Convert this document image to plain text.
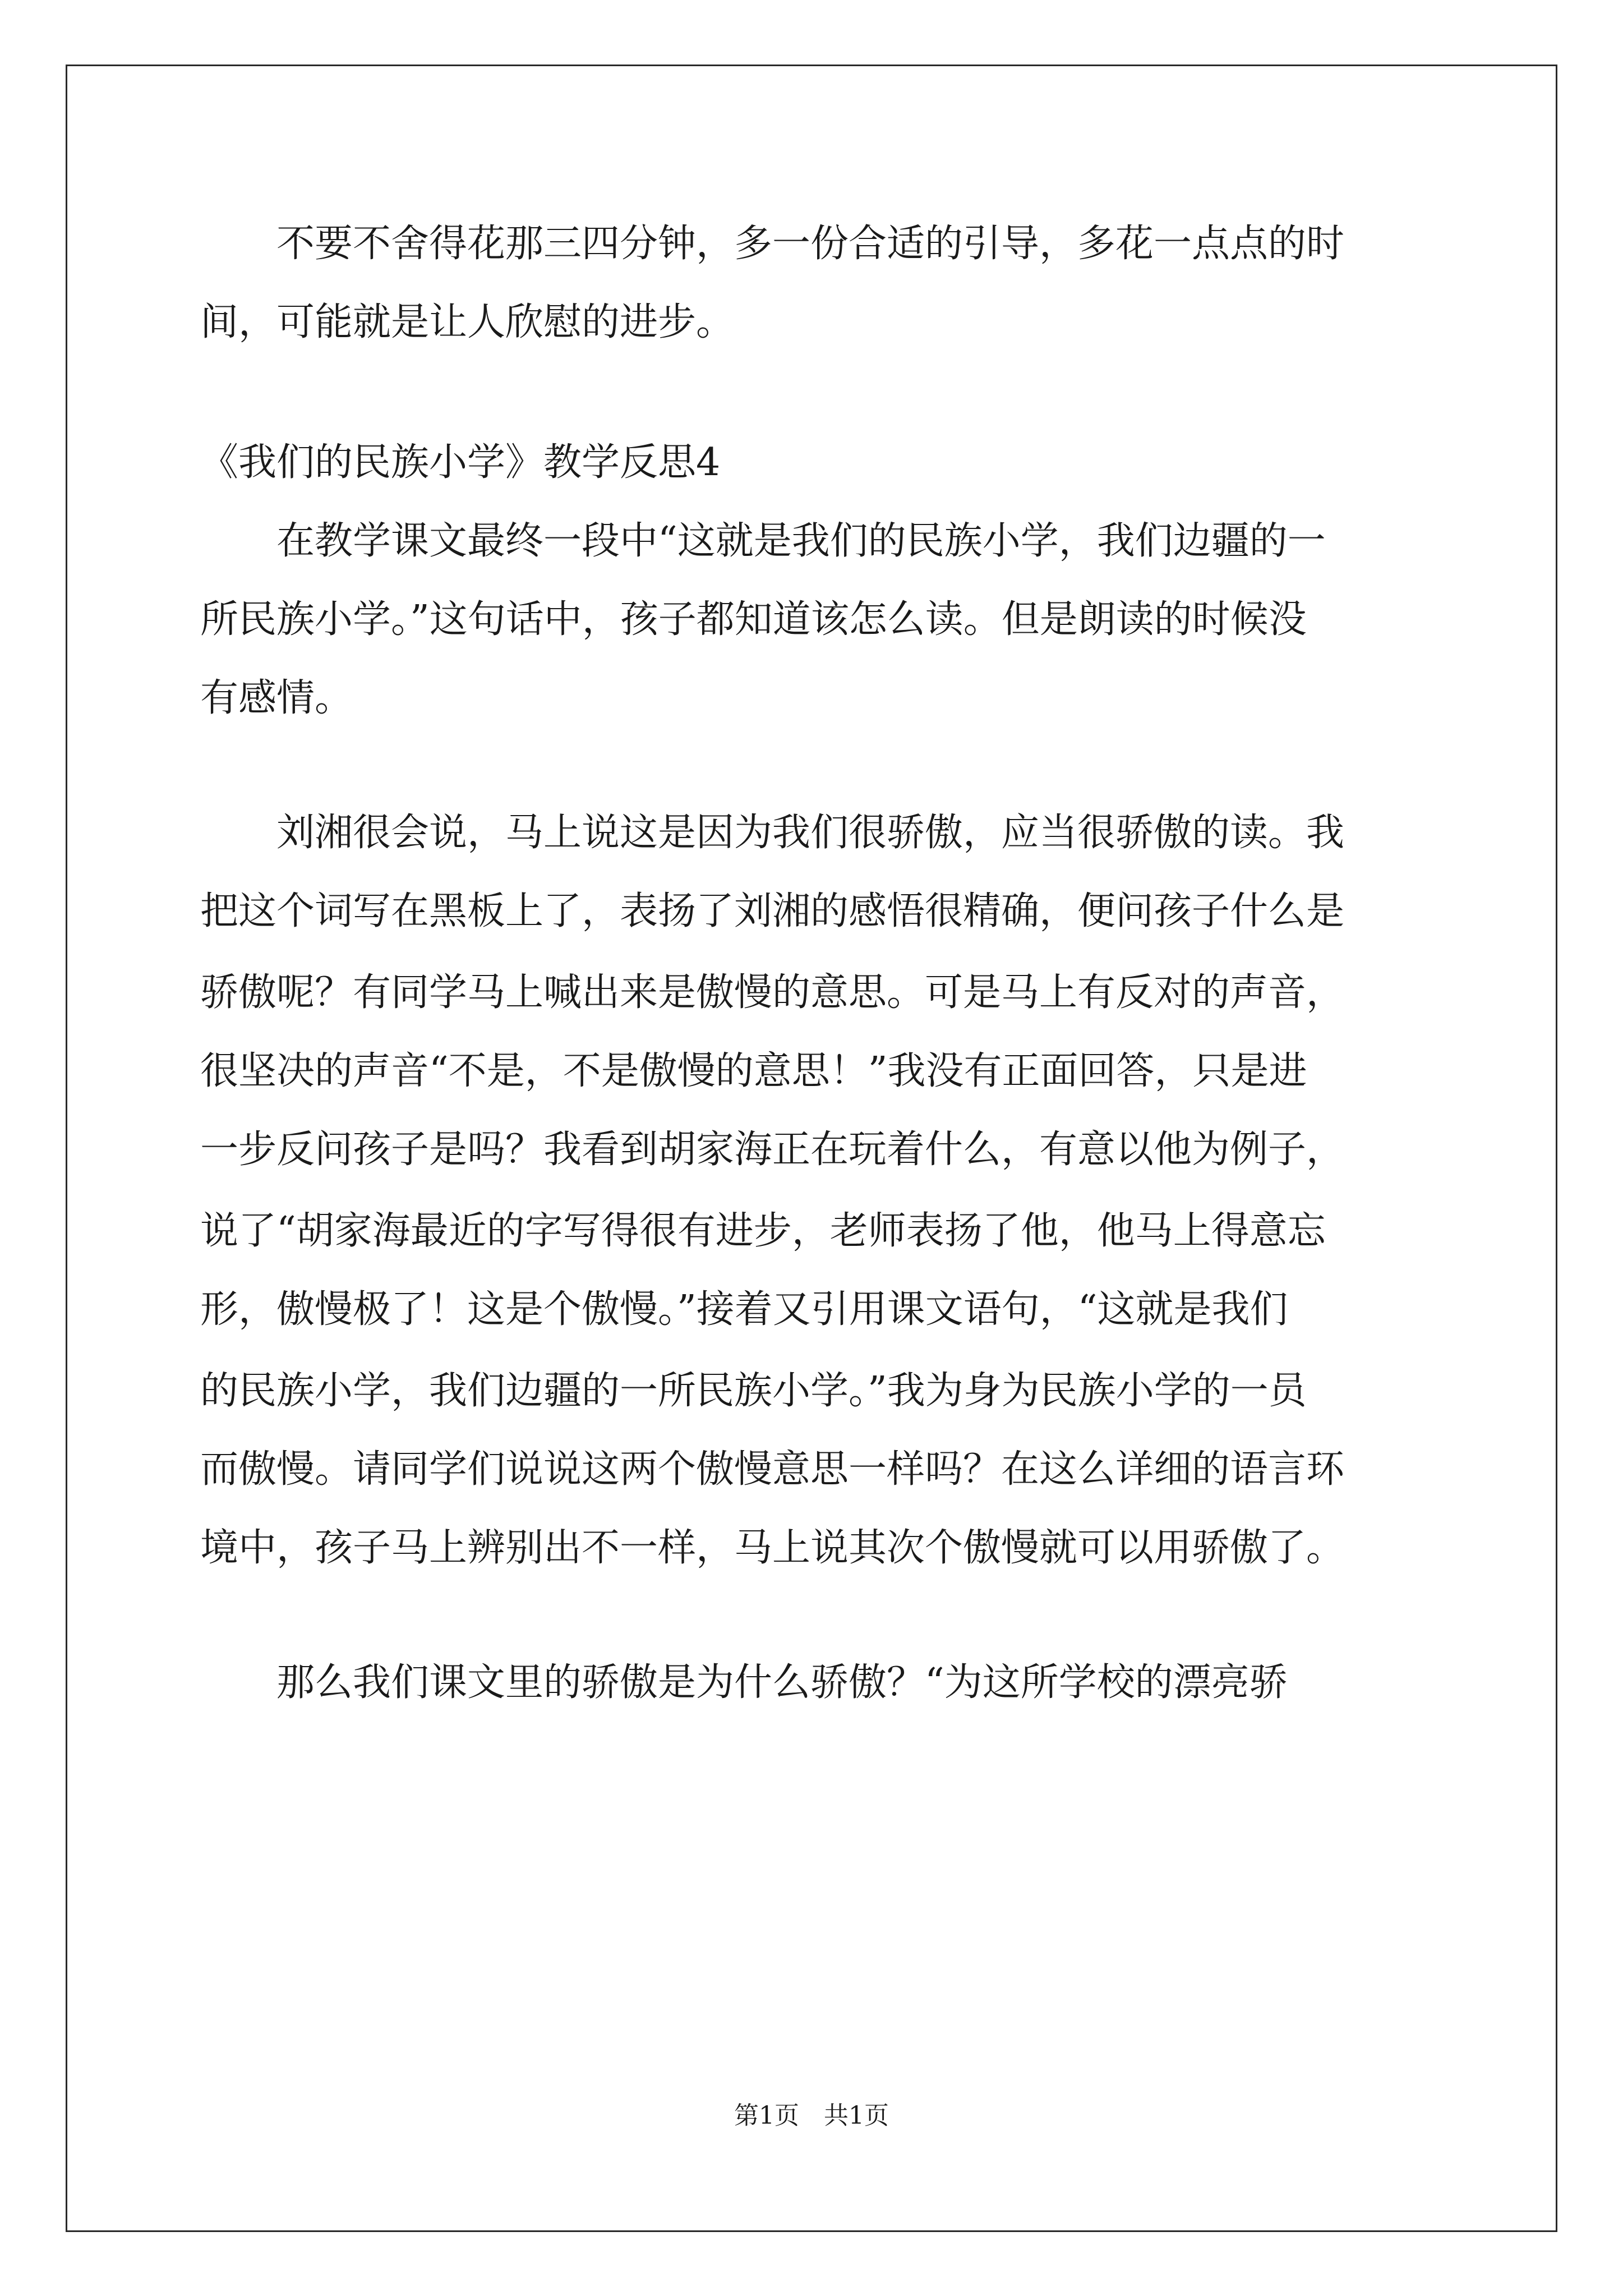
　　不要不舍得花那三四分钟，多一份合适的引导，多花一点点的时
间，可能就是让人欣慰的进步。
《我们的民族小学》教学反思4
　　在教学课文最终一段中“这就是我们的民族小学，我们边疆的一
所民族小学。”这句话中，孩子都知道该怎么读。但是朗读的时候没
有感情。
　　刘湘很会说，马上说这是因为我们很骄傲，应当很骄傲的读。我
把这个词写在黑板上了，表扬了刘湘的感悟很精确，便问孩子什么是
骄傲呢？有同学马上喊出来是傲慢的意思。可是马上有反对的声音，
很坚决的声音“不是，不是傲慢的意思！”我没有正面回答，只是进
一步反问孩子是吗？我看到胡家海正在玩着什么，有意以他为例子，
说了“胡家海最近的字写得很有进步，老师表扬了他，他马上得意忘
形，傲慢极了！这是个傲慢。”接着又引用课文语句，“这就是我们
的民族小学，我们边疆的一所民族小学。”我为身为民族小学的一员
而傲慢。请同学们说说这两个傲慢意思一样吗？在这么详细的语言环
境中，孩子马上辨别出不一样，马上说其次个傲慢就可以用骄傲了。
　　那么我们课文里的骄傲是为什么骄傲？“为这所学校的漂亮骄
第1页　共1页
